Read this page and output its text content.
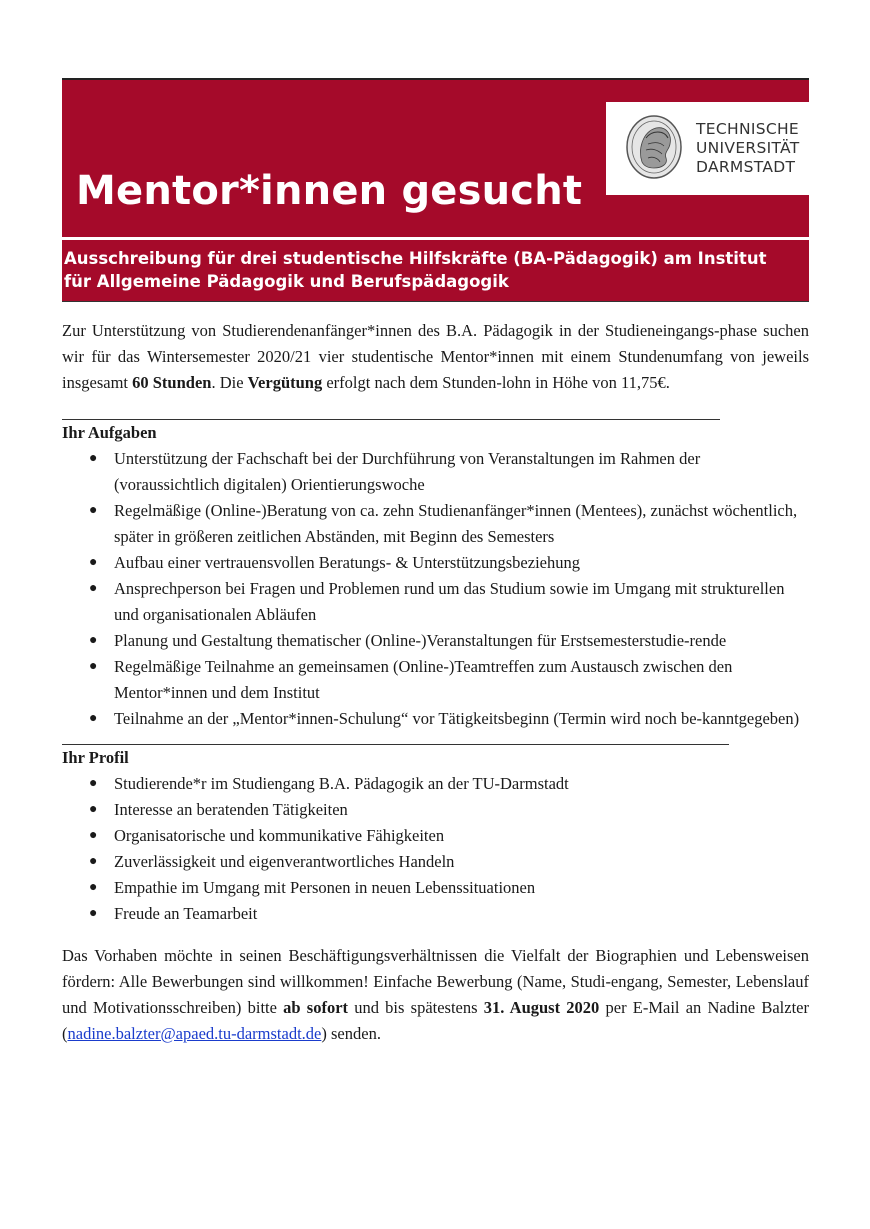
Mentor*innen gesucht
TECHNISCHE
UNIVERSITÄT
DARMSTADT
Ausschreibung für drei studentische Hilfskräfte (BA-Pädagogik) am Institut für Allgemeine Pädagogik und Berufspädagogik

Zur Unterstützung von Studierendenanfänger*innen des B.A. Pädagogik in der Studieneingangs-phase suchen wir für das Wintersemester 2020/21 vier studentische Mentor*innen mit einem Stundenumfang von jeweils insgesamt 60 Stunden. Die Vergütung erfolgt nach dem Stunden-lohn in Höhe von 11,75€.

Ihr Aufgaben

● Unterstützung der Fachschaft bei der Durchführung von Veranstaltungen im Rahmen der (voraussichtlich digitalen) Orientierungswoche
● Regelmäßige (Online-)Beratung von ca. zehn Studienanfänger*innen (Mentees), zunächst wöchentlich, später in größeren zeitlichen Abständen, mit Beginn des Semesters
● Aufbau einer vertrauensvollen Beratungs- & Unterstützungsbeziehung
● Ansprechperson bei Fragen und Problemen rund um das Studium sowie im Umgang mit strukturellen und organisationalen Abläufen
● Planung und Gestaltung thematischer (Online-)Veranstaltungen für Erstsemesterstudie-rende
● Regelmäßige Teilnahme an gemeinsamen (Online-)Teamtreffen zum Austausch zwischen den Mentor*innen und dem Institut
● Teilnahme an der „Mentor*innen-Schulung“ vor Tätigkeitsbeginn (Termin wird noch be-kanntgegeben)

Ihr Profil

● Studierende*r im Studiengang B.A. Pädagogik an der TU-Darmstadt
● Interesse an beratenden Tätigkeiten
● Organisatorische und kommunikative Fähigkeiten
● Zuverlässigkeit und eigenverantwortliches Handeln
● Empathie im Umgang mit Personen in neuen Lebenssituationen
● Freude an Teamarbeit

Das Vorhaben möchte in seinen Beschäftigungsverhältnissen die Vielfalt der Biographien und Lebensweisen fördern: Alle Bewerbungen sind willkommen! Einfache Bewerbung (Name, Studi-engang, Semester, Lebenslauf und Motivationsschreiben) bitte ab sofort und bis spätestens 31. August 2020 per E-Mail an Nadine Balzter (nadine.balzter@apaed.tu-darmstadt.de) senden.
